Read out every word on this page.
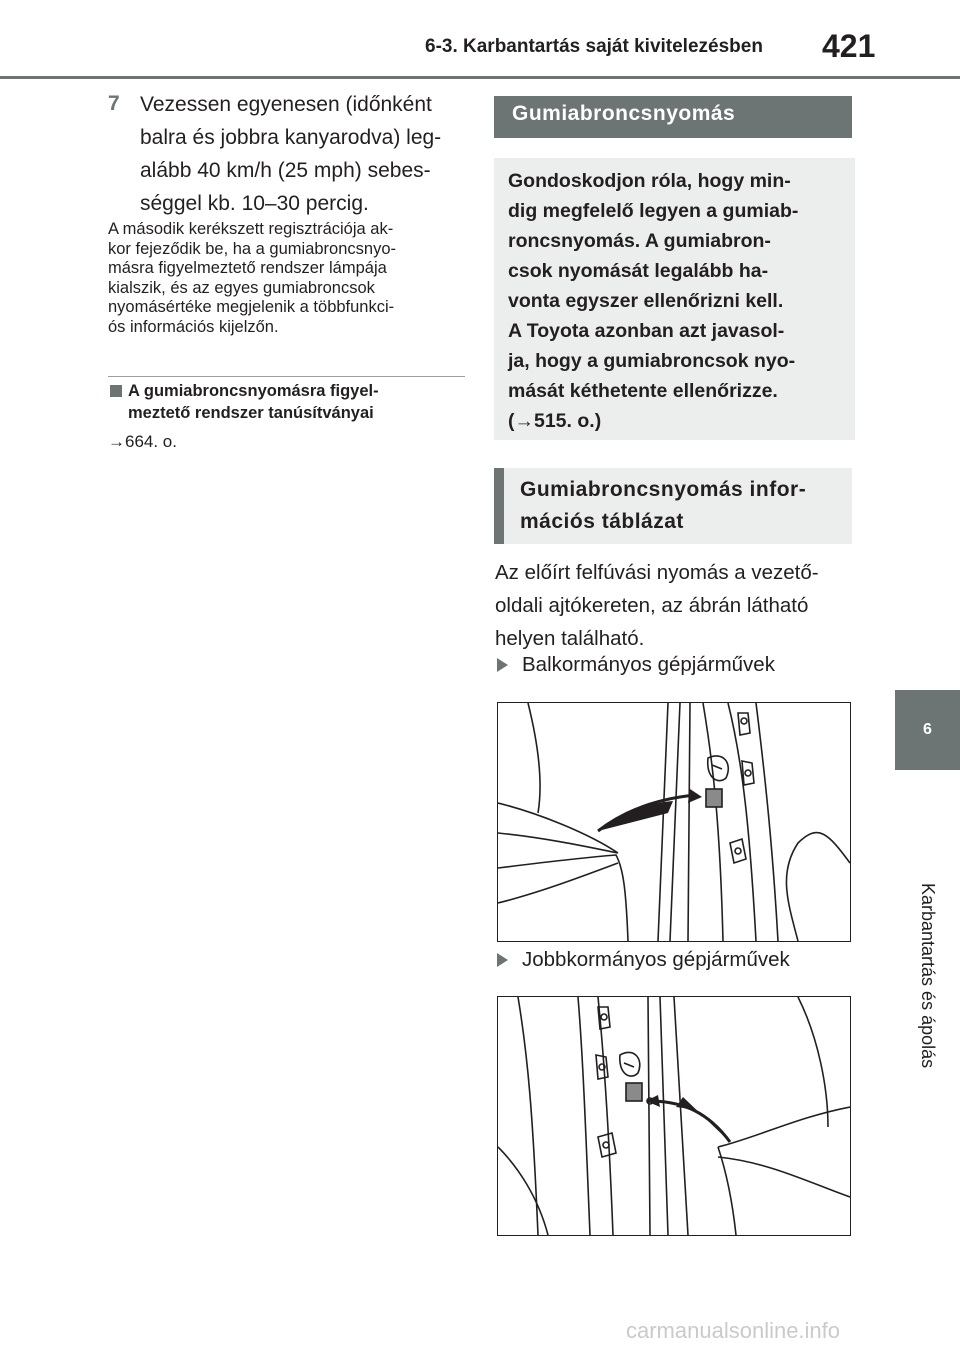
6-3. Karbantartás saját kivitelezésben 421
6
Karbantartás és ápolás
7 Vezessen egyenesen (időnként
balra és jobbra kanyarodva) leg-
alább 40 km/h (25 mph) sebes-
séggel kb. 10–30 percig.
A második kerékszett regisztrációja ak-
kor fejeződik be, ha a gumiabroncsnyo-
másra figyelmeztető rendszer lámpája
kialszik, és az egyes gumiabroncsok
nyomásértéke megjelenik a többfunkci-
ós információs kijelzőn.
A gumiabroncsnyomásra figyel-
meztető rendszer tanúsítványai
→664. o.
Gumiabroncsnyomás
Gondoskodjon róla, hogy min-
dig megfelelő legyen a gumiab-
roncsnyomás. A gumiabron-
csok nyomását legalább ha-
vonta egyszer ellenőrizni kell.
A Toyota azonban azt javasol-
ja, hogy a gumiabroncsok nyo-
mását kéthetente ellenőrizze.
(→515. o.)
Gumiabroncsnyomás infor-
mációs táblázat
Az előírt felfúvási nyomás a vezető-
oldali ajtókereten, az ábrán látható
helyen található.
Balkormányos gépjárművek
Jobbkormányos gépjárművek
carmanualsonline.info
